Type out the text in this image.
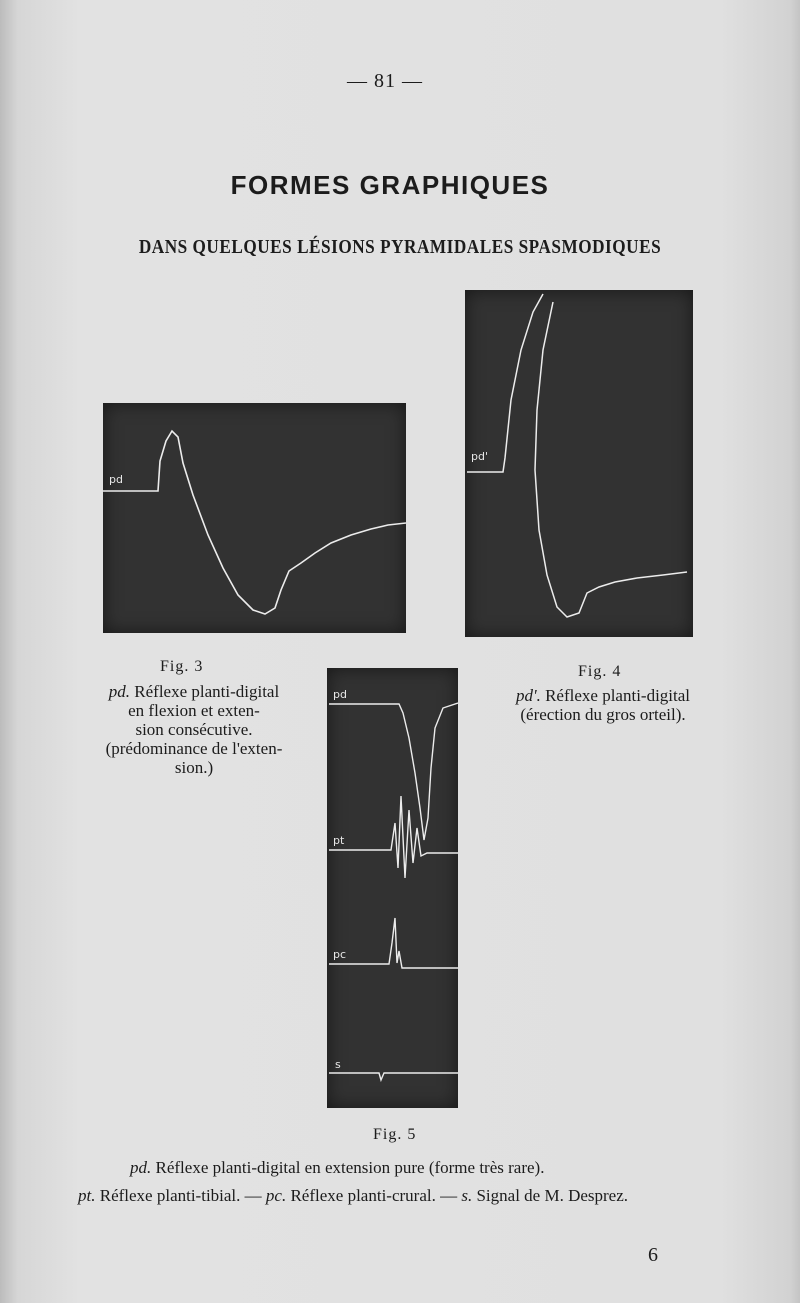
— 81 —
FORMES GRAPHIQUES
DANS QUELQUES LÉSIONS PYRAMIDALES SPASMODIQUES
pd
pd'
pd
pt
pc
s
Fig. 3
pd. Réflexe planti-digital
en flexion et exten-
sion consécutive.
(prédominance de l'exten-
sion.)
Fig. 4
pd'. Réflexe planti-digital
(érection du gros orteil).
Fig. 5
pd. Réflexe planti-digital en extension pure (forme très rare).
pt. Réflexe planti-tibial. — pc. Réflexe planti-crural. — s. Signal de M. Desprez.
6
